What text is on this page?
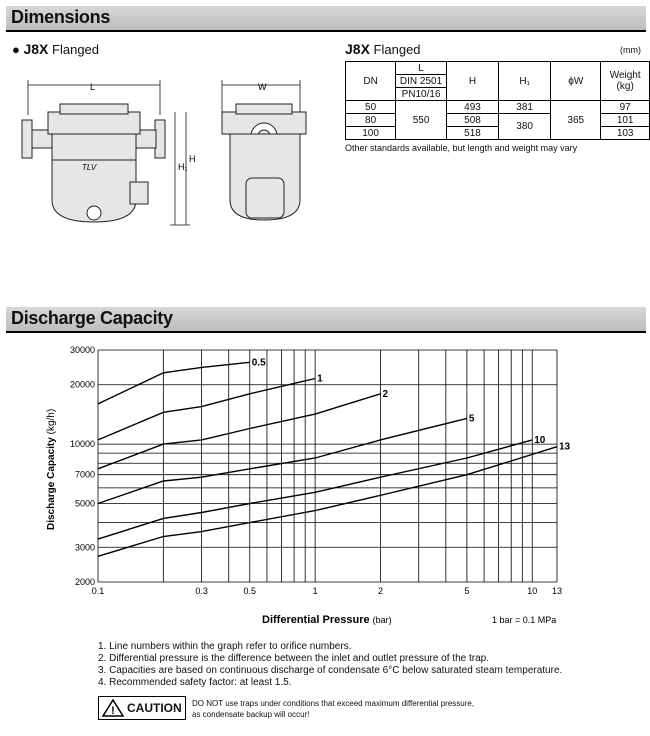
Dimensions
● J8X Flanged	J8X Flanged	(mm)
L	W
H₁
H
TLV
DN	L	H	H₁	ϕW	Weight
(kg)
	DIN 2501				
	PN10/16				
50	550	493	381	365	97
80		508	380		101
100		518			103
Other standards available, but length and weight may vary
Discharge Capacity
0.1	0.3	0.5	1	2	5	10 13
30000
20000
10000
7000
5000
3000
2000
0.5
1
2
5
10
13
Discharge Capacity (kg/h)
Differential Pressure (bar)	1 bar = 0.1 MPa
1. Line numbers within the graph refer to orifice numbers.
2. Differential pressure is the difference between the inlet and outlet pressure of the trap.
3. Capacities are based on continuous discharge of condensate 6°C below saturated steam temperature.
4. Recommended safety factor: at least 1.5.
! CAUTION DO NOT use traps under conditions that exceed maximum differential pressure,
as condensate backup will occur!
